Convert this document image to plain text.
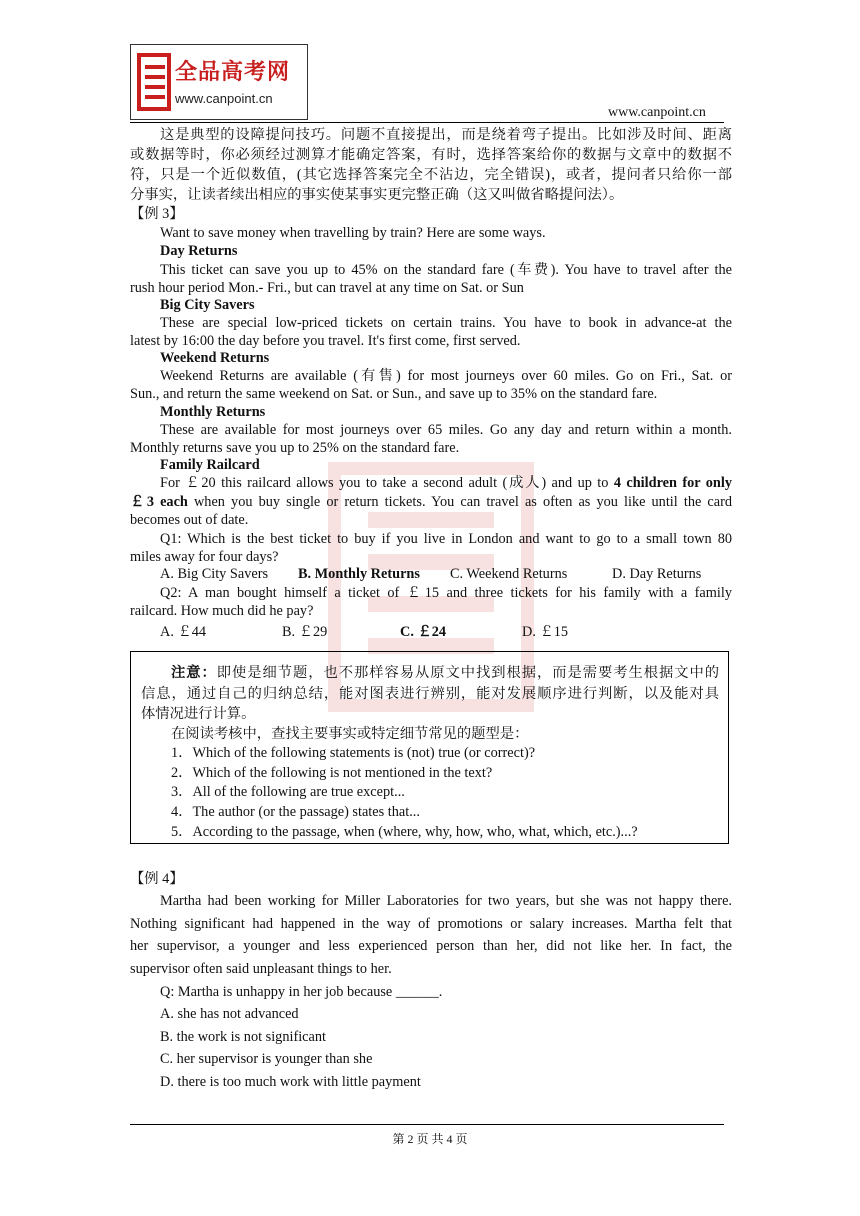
全品高考网
www.canpoint.cn
www.canpoint.cn
这是典型的设障提问技巧。问题不直接提出，而是绕着弯子提出。比如涉及时间、距离
或数据等时，你必须经过测算才能确定答案，有时，选择答案给你的数据与文章中的数据不
符，只是一个近似数值，(其它选择答案完全不沾边，完全错误)，或者，提问者只给你一部
分事实，让读者续出相应的事实使某事实更完整正确（这又叫做省略提问法）。
【例 3】
Want to save money when travelling by train? Here are some ways.
Day Returns
This ticket can save you up to 45% on the standard fare (车费). You have to travel after the
rush hour period Mon.- Fri., but can travel at any time on Sat. or Sun
Big City Savers
These are special low-priced tickets on certain trains. You have to book in advance-at the
latest by 16:00 the day before you travel. It's first come, first served.
Weekend Returns
Weekend Returns are available (有售) for most journeys over 60 miles. Go on Fri., Sat. or
Sun., and return the same weekend on Sat. or Sun., and save up to 35% on the standard fare.
Monthly Returns
These are available for most journeys over 65 miles. Go any day and return within a month.
Monthly returns save you up to 25% on the standard fare.
Family Railcard
For ￡20 this railcard allows you to take a second adult (成人) and up to 4 children for only
￡3 each when you buy single or return tickets. You can travel as often as you like until the card
becomes out of date.
Q1: Which is the best ticket to buy if you live in London and want to go to a small town 80
miles away for four days?
A. Big City Savers B. Monthly Returns C. Weekend Returns	D. Day Returns
Q2: A man bought himself a ticket of ￡15 and three tickets for his family with a family
railcard. How much did he pay?
A. ￡44	B. ￡29	C. ￡24	D. ￡15
注意：即使是细节题，也不那样容易从原文中找到根据，而是需要考生根据文中的
信息，通过自己的归纳总结，能对图表进行辨别，能对发展顺序进行判断，以及能对具
体情况进行计算。
在阅读考核中，查找主要事实或特定细节常见的题型是：
1．Which of the following statements is (not) true (or correct)?
2．Which of the following is not mentioned in the text?
3．All of the following are true except...
4．The author (or the passage) states that...
5．According to the passage, when (where, why, how, who, what, which, etc.)...?
【例 4】
Martha had been working for Miller Laboratories for two years, but she was not happy there.
Nothing significant had happened in the way of promotions or salary increases. Martha felt that
her supervisor, a younger and less experienced person than her, did not like her. In fact, the
supervisor often said unpleasant things to her.
Q: Martha is unhappy in her job because ______.
A. she has not advanced
B. the work is not significant
C. her supervisor is younger than she
D. there is too much work with little payment
第 2 页 共 4 页
